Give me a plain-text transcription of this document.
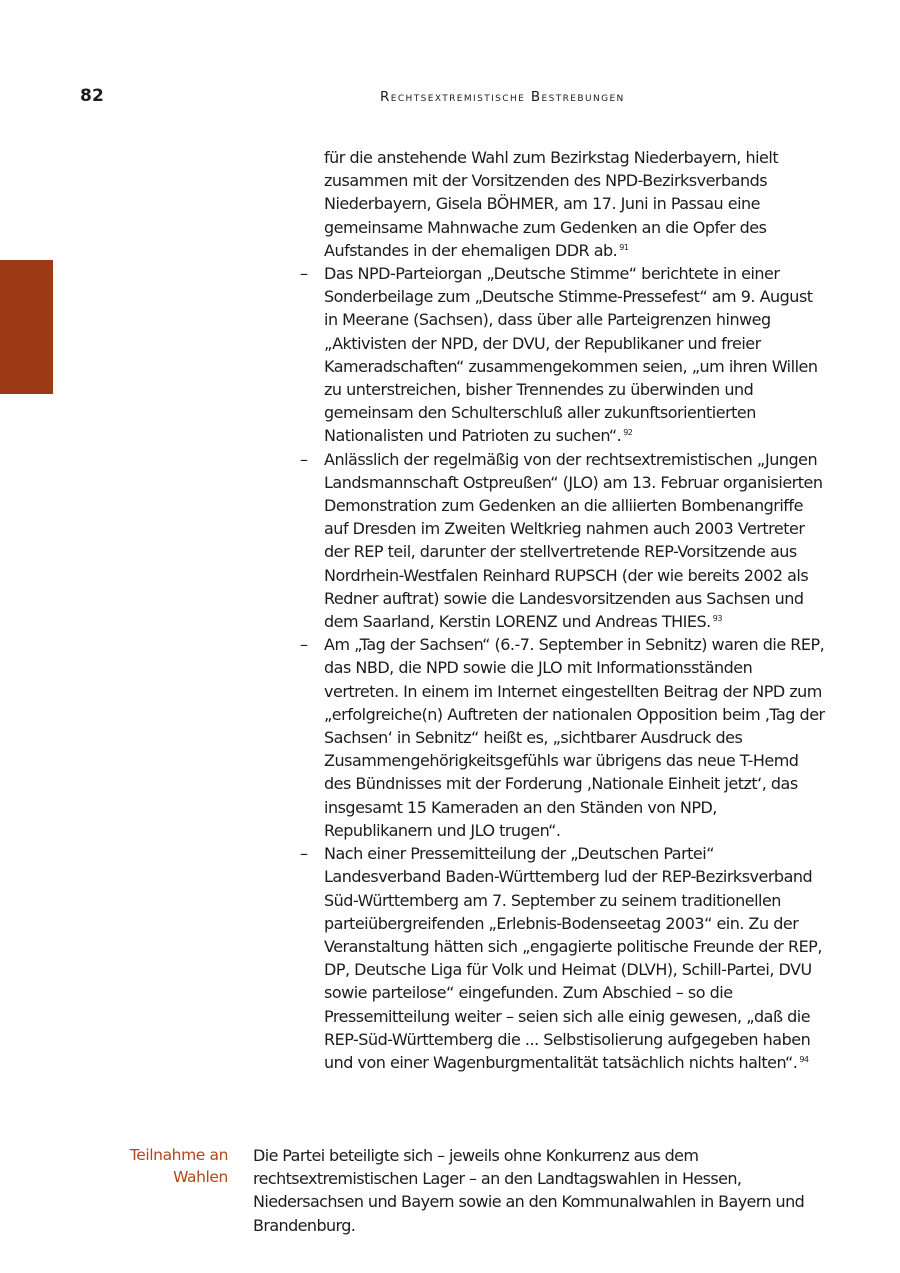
82	Rechtsextremistische Bestrebungen

für die anstehende Wahl zum Bezirkstag Niederbayern, hielt zusammen mit der Vorsitzenden des NPD-Bezirksverbands Niederbayern, Gisela BÖHMER, am 17. Juni in Passau eine gemeinsame Mahnwache zum Gedenken an die Opfer des Aufstandes in der ehemaligen DDR ab. $^{91}$

– Das NPD-Parteiorgan „Deutsche Stimme“ berichtete in einer Sonderbeilage zum „Deutsche Stimme-Pressefest“ am 9. August in Meerane (Sachsen), dass über alle Parteigrenzen hinweg „Aktivisten der NPD, der DVU, der Republikaner und freier Kameradschaften“ zusammengekommen seien, „um ihren Willen zu unterstreichen, bisher Trennendes zu überwinden und gemeinsam den Schulterschluß aller zukunftsorientierten Nationalisten und Patrioten zu suchen“. $^{92}$
– Anlässlich der regelmäßig von der rechtsextremistischen „Jungen Landsmannschaft Ostpreußen“ (JLO) am 13. Februar organisierten Demonstration zum Gedenken an die alliierten Bombenangriffe auf Dresden im Zweiten Weltkrieg nahmen auch 2003 Vertreter der REP teil, darunter der stellvertretende REP-Vorsitzende aus Nordrhein-Westfalen Reinhard RUPSCH (der wie bereits 2002 als Redner auftrat) sowie die Landesvorsitzenden aus Sachsen und dem Saarland, Kerstin LORENZ und Andreas THIES. $^{93}$
– Am „Tag der Sachsen“ (6.-7. September in Sebnitz) waren die REP, das NBD, die NPD sowie die JLO mit Informationsständen vertreten. In einem im Internet eingestellten Beitrag der NPD zum „erfolgreiche(n) Auftreten der nationalen Opposition beim ‚Tag der Sachsen‘ in Sebnitz“ heißt es, „sichtbarer Ausdruck des Zusammengehörigkeitsgefühls war übrigens das neue T-Hemd des Bündnisses mit der Forderung ‚Nationale Einheit jetzt‘, das insgesamt 15 Kameraden an den Ständen von NPD, Republikanern und JLO trugen“.
– Nach einer Pressemitteilung der „Deutschen Partei“ Landesverband Baden-Württemberg lud der REP-Bezirksverband Süd-Württemberg am 7. September zu seinem traditionellen parteiübergreifenden „Erlebnis-Bodenseetag 2003“ ein. Zu der Veranstaltung hätten sich „engagierte politische Freunde der REP, DP, Deutsche Liga für Volk und Heimat (DLVH), Schill-Partei, DVU sowie parteilose“ eingefunden. Zum Abschied – so die Pressemitteilung weiter – seien sich alle einig gewesen, „daß die REP-Süd-Württemberg die ... Selbstisolierung aufgegeben haben und von einer Wagenburgmentalität tatsächlich nichts halten“. $^{94}$
Teilnahme an
Wahlen
Die Partei beteiligte sich – jeweils ohne Konkurrenz aus dem rechtsextremistischen Lager – an den Landtagswahlen in Hessen, Niedersachsen und Bayern sowie an den Kommunalwahlen in Bayern und Brandenburg.
